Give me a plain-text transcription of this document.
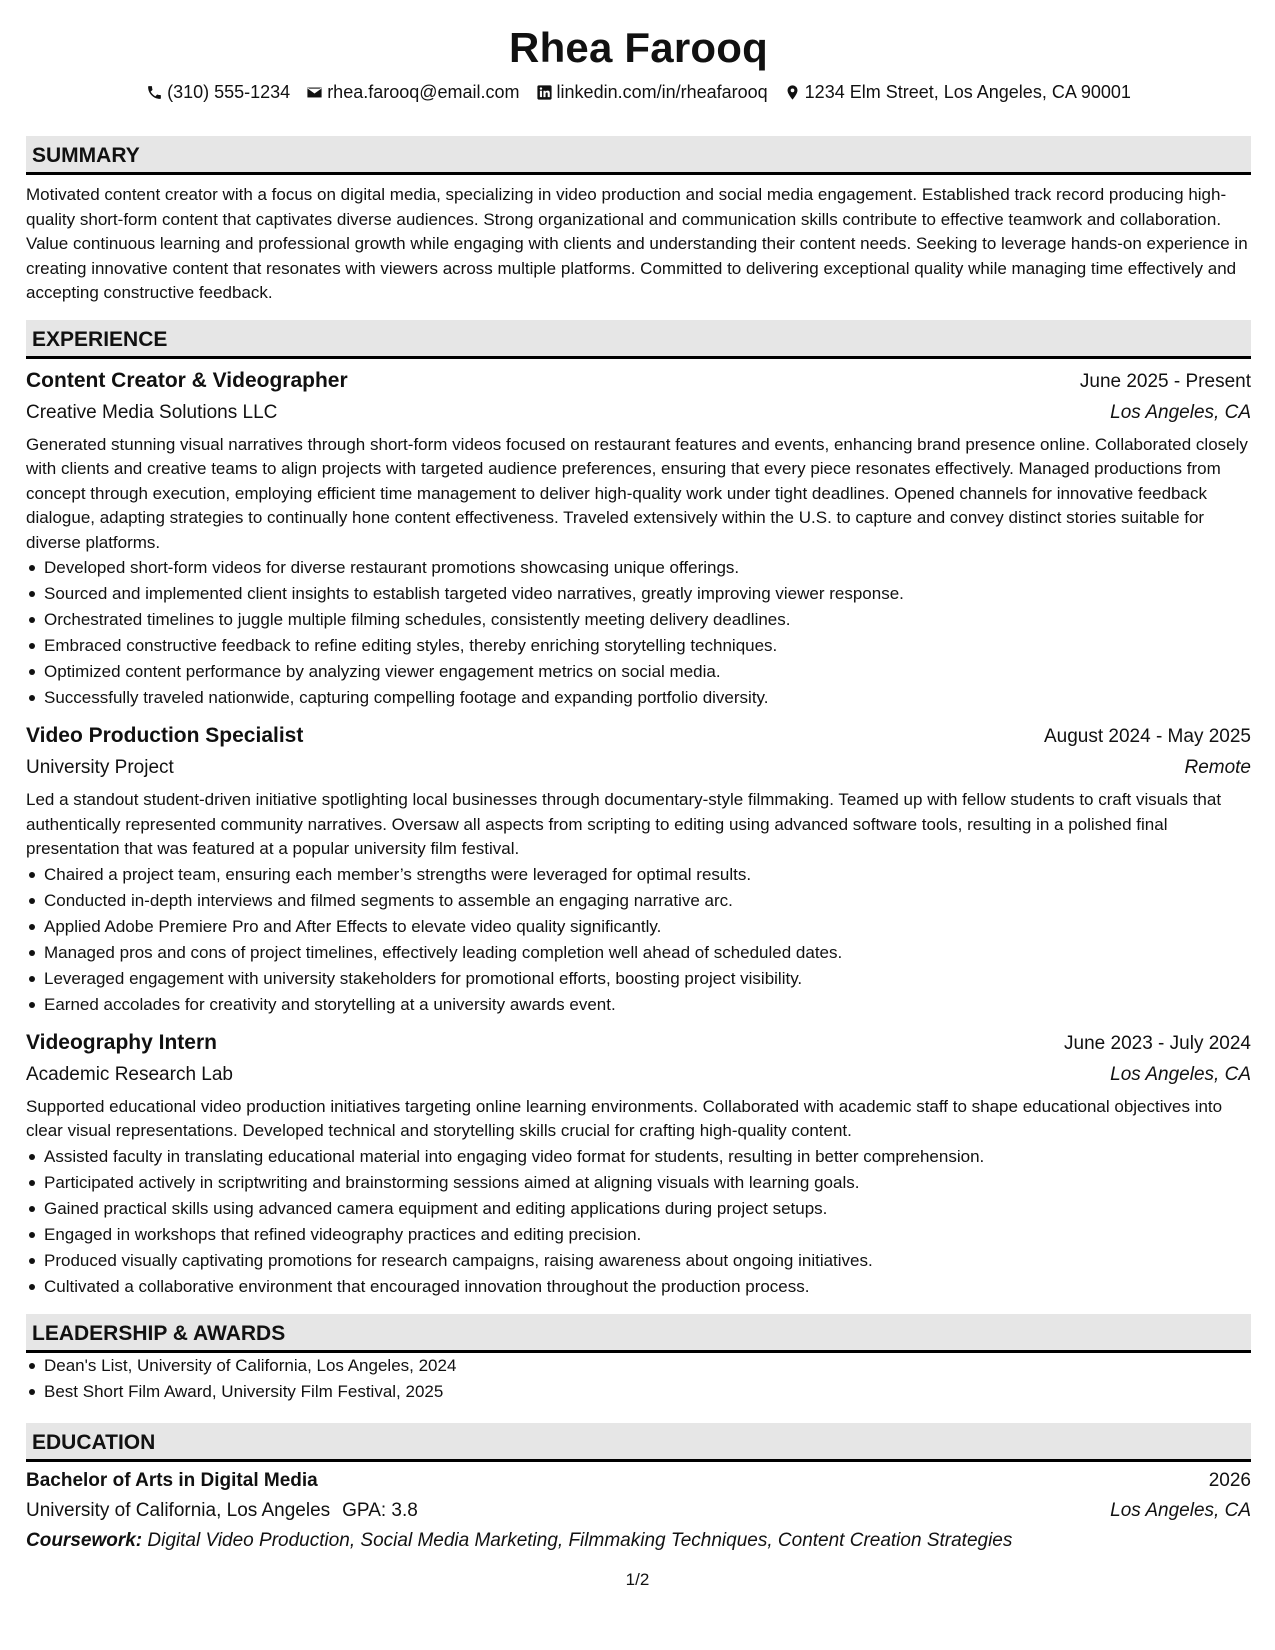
Rhea Farooq
(310) 555-1234 rhea.farooq@email.com linkedin.com/in/rheafarooq 1234 Elm Street, Los Angeles, CA 90001
SUMMARY

Motivated content creator with a focus on digital media, specializing in video production and social media engagement. Established track record producing high-quality short-form content that captivates diverse audiences. Strong organizational and communication skills contribute to effective teamwork and collaboration. Value continuous learning and professional growth while engaging with clients and understanding their content needs. Seeking to leverage hands-on experience in creating innovative content that resonates with viewers across multiple platforms. Committed to delivering exceptional quality while managing time effectively and accepting constructive feedback.

EXPERIENCE
Content Creator & Videographer	June 2025 - Present
Creative Media Solutions LLC	Los Angeles, CA

Generated stunning visual narratives through short-form videos focused on restaurant features and events, enhancing brand presence online. Collaborated closely with clients and creative teams to align projects with targeted audience preferences, ensuring that every piece resonates effectively. Managed productions from concept through execution, employing efficient time management to deliver high-quality work under tight deadlines. Opened channels for innovative feedback dialogue, adapting strategies to continually hone content effectiveness. Traveled extensively within the U.S. to capture and convey distinct stories suitable for diverse platforms.

Developed short-form videos for diverse restaurant promotions showcasing unique offerings.
Sourced and implemented client insights to establish targeted video narratives, greatly improving viewer response.
Orchestrated timelines to juggle multiple filming schedules, consistently meeting delivery deadlines.
Embraced constructive feedback to refine editing styles, thereby enriching storytelling techniques.
Optimized content performance by analyzing viewer engagement metrics on social media.
Successfully traveled nationwide, capturing compelling footage and expanding portfolio diversity.
Video Production Specialist	August 2024 - May 2025
University Project	Remote

Led a standout student-driven initiative spotlighting local businesses through documentary-style filmmaking. Teamed up with fellow students to craft visuals that authentically represented community narratives. Oversaw all aspects from scripting to editing using advanced software tools, resulting in a polished final presentation that was featured at a popular university film festival.

Chaired a project team, ensuring each member’s strengths were leveraged for optimal results.
Conducted in-depth interviews and filmed segments to assemble an engaging narrative arc.
Applied Adobe Premiere Pro and After Effects to elevate video quality significantly.
Managed pros and cons of project timelines, effectively leading completion well ahead of scheduled dates.
Leveraged engagement with university stakeholders for promotional efforts, boosting project visibility.
Earned accolades for creativity and storytelling at a university awards event.
Videography Intern	June 2023 - July 2024
Academic Research Lab	Los Angeles, CA

Supported educational video production initiatives targeting online learning environments. Collaborated with academic staff to shape educational objectives into clear visual representations. Developed technical and storytelling skills crucial for crafting high-quality content.

Assisted faculty in translating educational material into engaging video format for students, resulting in better comprehension.
Participated actively in scriptwriting and brainstorming sessions aimed at aligning visuals with learning goals.
Gained practical skills using advanced camera equipment and editing applications during project setups.
Engaged in workshops that refined videography practices and editing precision.
Produced visually captivating promotions for research campaigns, raising awareness about ongoing initiatives.
Cultivated a collaborative environment that encouraged innovation throughout the production process.
LEADERSHIP & AWARDS
Dean's List, University of California, Los Angeles, 2024
Best Short Film Award, University Film Festival, 2025
EDUCATION
Bachelor of Arts in Digital Media	2026
University of California, Los Angeles GPA: 3.8	Los Angeles, CA
Coursework: Digital Video Production, Social Media Marketing, Filmmaking Techniques, Content Creation Strategies
1/2
